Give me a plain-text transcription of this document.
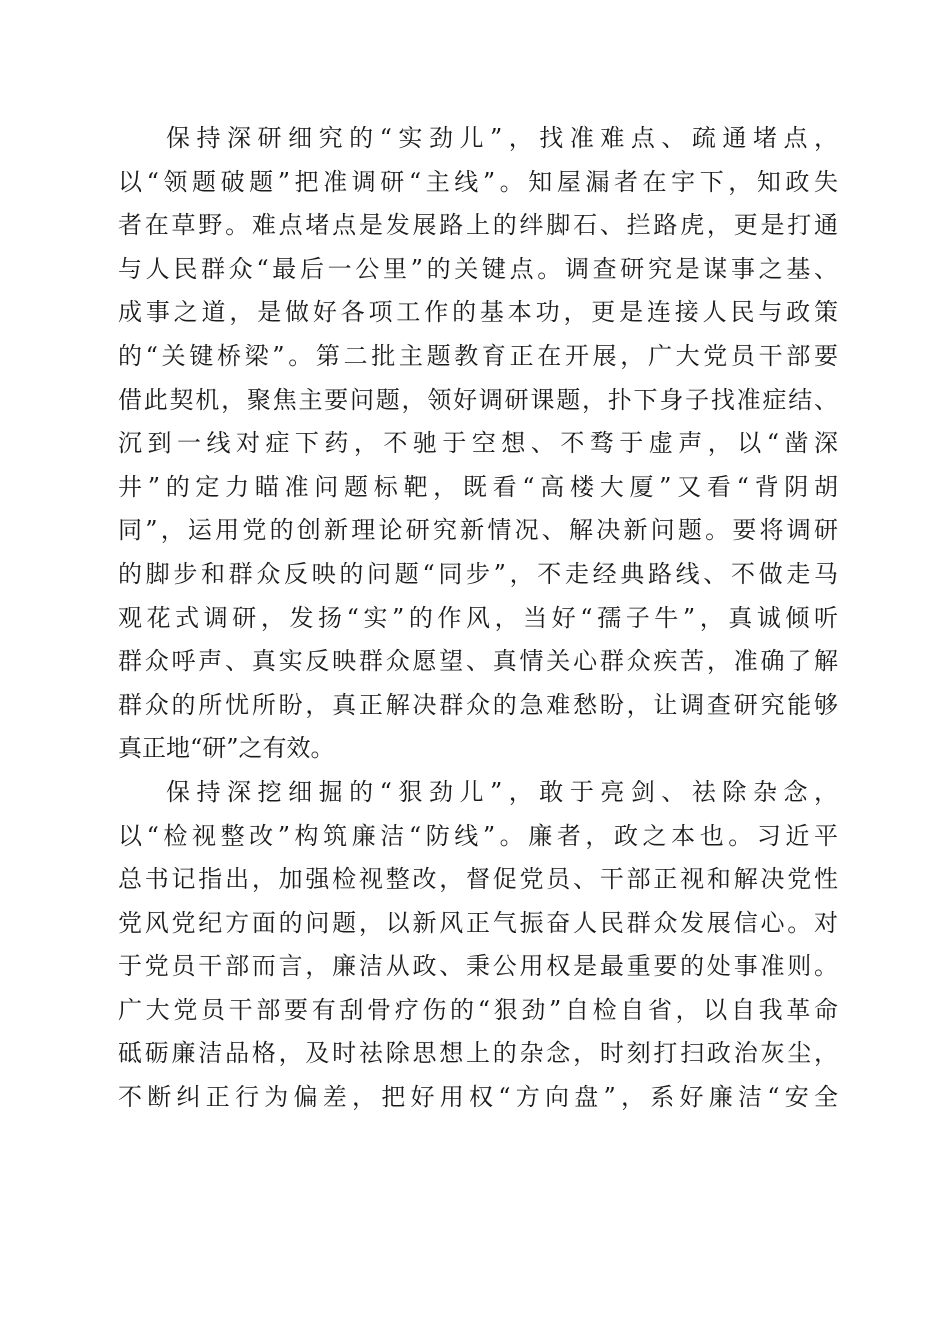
保持深研细究的“实劲儿”，找准难点、疏通堵点，
以“领题破题”把准调研“主线”。知屋漏者在宇下，知政失
者在草野。难点堵点是发展路上的绊脚石、拦路虎，更是打通
与人民群众“最后一公里”的关键点。调查研究是谋事之基、
成事之道，是做好各项工作的基本功，更是连接人民与政策
的“关键桥梁”。第二批主题教育正在开展，广大党员干部要
借此契机，聚焦主要问题，领好调研课题，扑下身子找准症结、
沉到一线对症下药，不驰于空想、不骛于虚声，以“凿深
井”的定力瞄准问题标靶，既看“高楼大厦”又看“背阴胡
同”，运用党的创新理论研究新情况、解决新问题。要将调研
的脚步和群众反映的问题“同步”，不走经典路线、不做走马
观花式调研，发扬“实”的作风，当好“孺子牛”，真诚倾听
群众呼声、真实反映群众愿望、真情关心群众疾苦，准确了解
群众的所忧所盼，真正解决群众的急难愁盼，让调查研究能够
真正地“研”之有效。
保持深挖细掘的“狠劲儿”，敢于亮剑、祛除杂念，
以“检视整改”构筑廉洁“防线”。廉者，政之本也。习近平
总书记指出，加强检视整改，督促党员、干部正视和解决党性
党风党纪方面的问题，以新风正气振奋人民群众发展信心。对
于党员干部而言，廉洁从政、秉公用权是最重要的处事准则。
广大党员干部要有刮骨疗伤的“狠劲”自检自省，以自我革命
砥砺廉洁品格，及时祛除思想上的杂念，时刻打扫政治灰尘，
不断纠正行为偏差，把好用权“方向盘”，系好廉洁“安全
